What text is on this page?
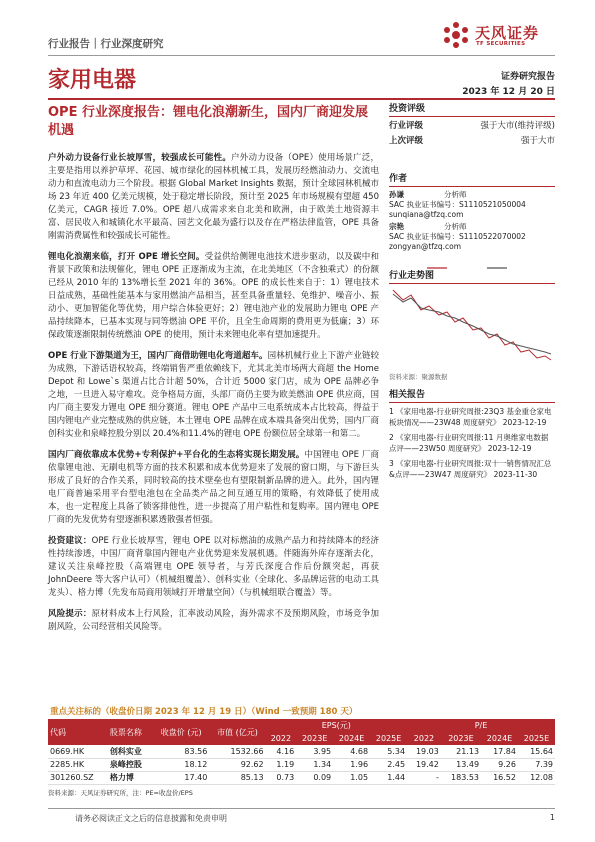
行业报告｜行业深度研究
天风证券
TF SECURITIES
家用电器	证券研究报告
2023 年 12 月 20 日
OPE 行业深度报告：锂电化浪潮新生，国内厂商迎发展机遇

户外动力设备行业长坡厚雪，较强成长可能性。户外动力设备（OPE）使用场景广泛，主要是指用以养护草坪、花园、城市绿化的园林机械工具，发展历经燃油动力、交流电动力和直流电动力三个阶段。根据 Global Market Insights 数据，预计全球园林机械市场 23 年近 400 亿美元规模，处于稳定增长阶段，预计至 2025 年市场规模有望超 450 亿美元，CAGR 接近 7.0%。OPE 超八成需求来自北美和欧洲，由于欧美土地资源丰富、居民收入和城镇化水平最高、园艺文化最为盛行以及存在严格法律监管，OPE 具备刚需消费属性和较强成长可能性。

锂电化浪潮来临，打开 OPE 增长空间。受益供给侧锂电池技术进步驱动，以及碳中和背景下政策和法规催化，锂电 OPE 正逐渐成为主流，在北美地区（不含独乘式）的份额已经从 2010 年的 13%增长至 2021 年的 36%。OPE 的成长性来自于：1）锂电技术日益成熟，基础性能基本与家用燃油产品相当，甚至具备重量轻、免维护、噪音小、振动小、更加智能化等优势，用户综合体验更好；2）锂电池产业的发展助力锂电 OPE 产品持续降本，已基本实现与同等燃油 OPE 平价，且全生命周期的费用更为低廉；3）环保政策逐渐限制传统燃油 OPE 的使用，预计未来锂电化率有望加速提升。

OPE 行业下游渠道为王，国内厂商借助锂电化弯道超车。园林机械行业上下游产业链较为成熟，下游话语权较高，终端销售严重依赖线下，尤其北美市场两大商超 the Home Depot 和 Lowe`s 渠道占比合计超 50%，合计近 5000 家门店，成为 OPE 品牌必争之地，一旦进入易守难攻。竞争格局方面，头部厂商仍主要为欧美燃油 OPE 供应商，国内厂商主要发力锂电 OPE 细分赛道。锂电 OPE 产品中三电系统成本占比较高，得益于国内锂电产业完整成熟的供应链，本土锂电 OPE 品牌在成本端具备突出优势，国内厂商创科实业和泉峰控股分别以 20.4%和11.4%的锂电 OPE 份额位居全球第一和第二。

国内厂商依靠成本优势+专利保护+平台化的生态将实现长期发展。中国锂电 OPE 厂商依靠锂电池、无刷电机等方面的技术积累和成本优势迎来了发展的窗口期，与下游巨头形成了良好的合作关系，同时较高的技术壁垒也有望限制新品牌的进入。此外，国内锂电厂商普遍采用平台型电池包在全品类产品之间互通互用的策略，有效降低了使用成本，也一定程度上具备了锁客排他性，进一步提高了用户粘性和复购率。国内锂电 OPE 厂商的先发优势有望逐渐积累透散强者恒强。

投资建议：OPE 行业长坡厚雪，锂电 OPE 以对标燃油的成熟产品力和持续降本的经济性持续渗透，中国厂商背靠国内锂电产业优势迎来发展机遇。伴随海外库存逐渐去化，建议关注泉峰控股（高端锂电 OPE 领导者，与芳氏深度合作后份额突起，再获 JohnDeere 等大客户认可）（机械组覆盖）、创科实业（全球化、多品牌运营的电动工具龙头）、格力博（先发布局商用领域打开增量空间）（与机械组联合覆盖）等。

风险提示：原材料成本上行风险，汇率波动风险，海外需求不及预期风险，市场竞争加剧风险，公司经营相关风险等。

投资评级
行业评级	强于大市(维持评级)
上次评级	强于大市
作者
孙谦	分析师
SAC 执业证书编号：S1110521050004
sunqiana@tfzq.com
宗艳	分析师
SAC 执业证书编号：S1110522070002
zongyan@tfzq.com
行业走势图
资料来源：聚源数据
相关报告
1 《家用电器-行业研究周报:23Q3 基金重仓家电板块情况——23W48 周度研究》 2023-12-19
2 《家用电器-行业研究周报:11 月奥维家电数据点评——23W50 周度研究》 2023-12-19
3 《家用电器-行业研究周报:双十一销售情况汇总&点评——23W47 周度研究》 2023-11-30
重点关注标的（收盘价日期 2023 年 12 月 19 日）（Wind 一致预期 180 天）
代码	股票名称	收盘价 (元)	市值 (亿元)	EPS(元)				P/E			
				2022	2023E	2024E	2025E	2022	2023E	2024E	2025E
0669.HK	创科实业	83.56	1532.66	4.16	3.95	4.68	5.34	19.03	21.13	17.84	15.64
2285.HK	泉峰控股	18.12	92.62	1.19	1.34	1.96	2.45	19.42	13.49	9.26	7.39
301260.SZ	格力博	17.40	85.13	0.73	0.09	1.05	1.44	-	183.53	16.52	12.08
资料来源：天风证券研究所，注：PE=收盘价/EPS
请务必阅读正文之后的信息披露和免责申明	1
